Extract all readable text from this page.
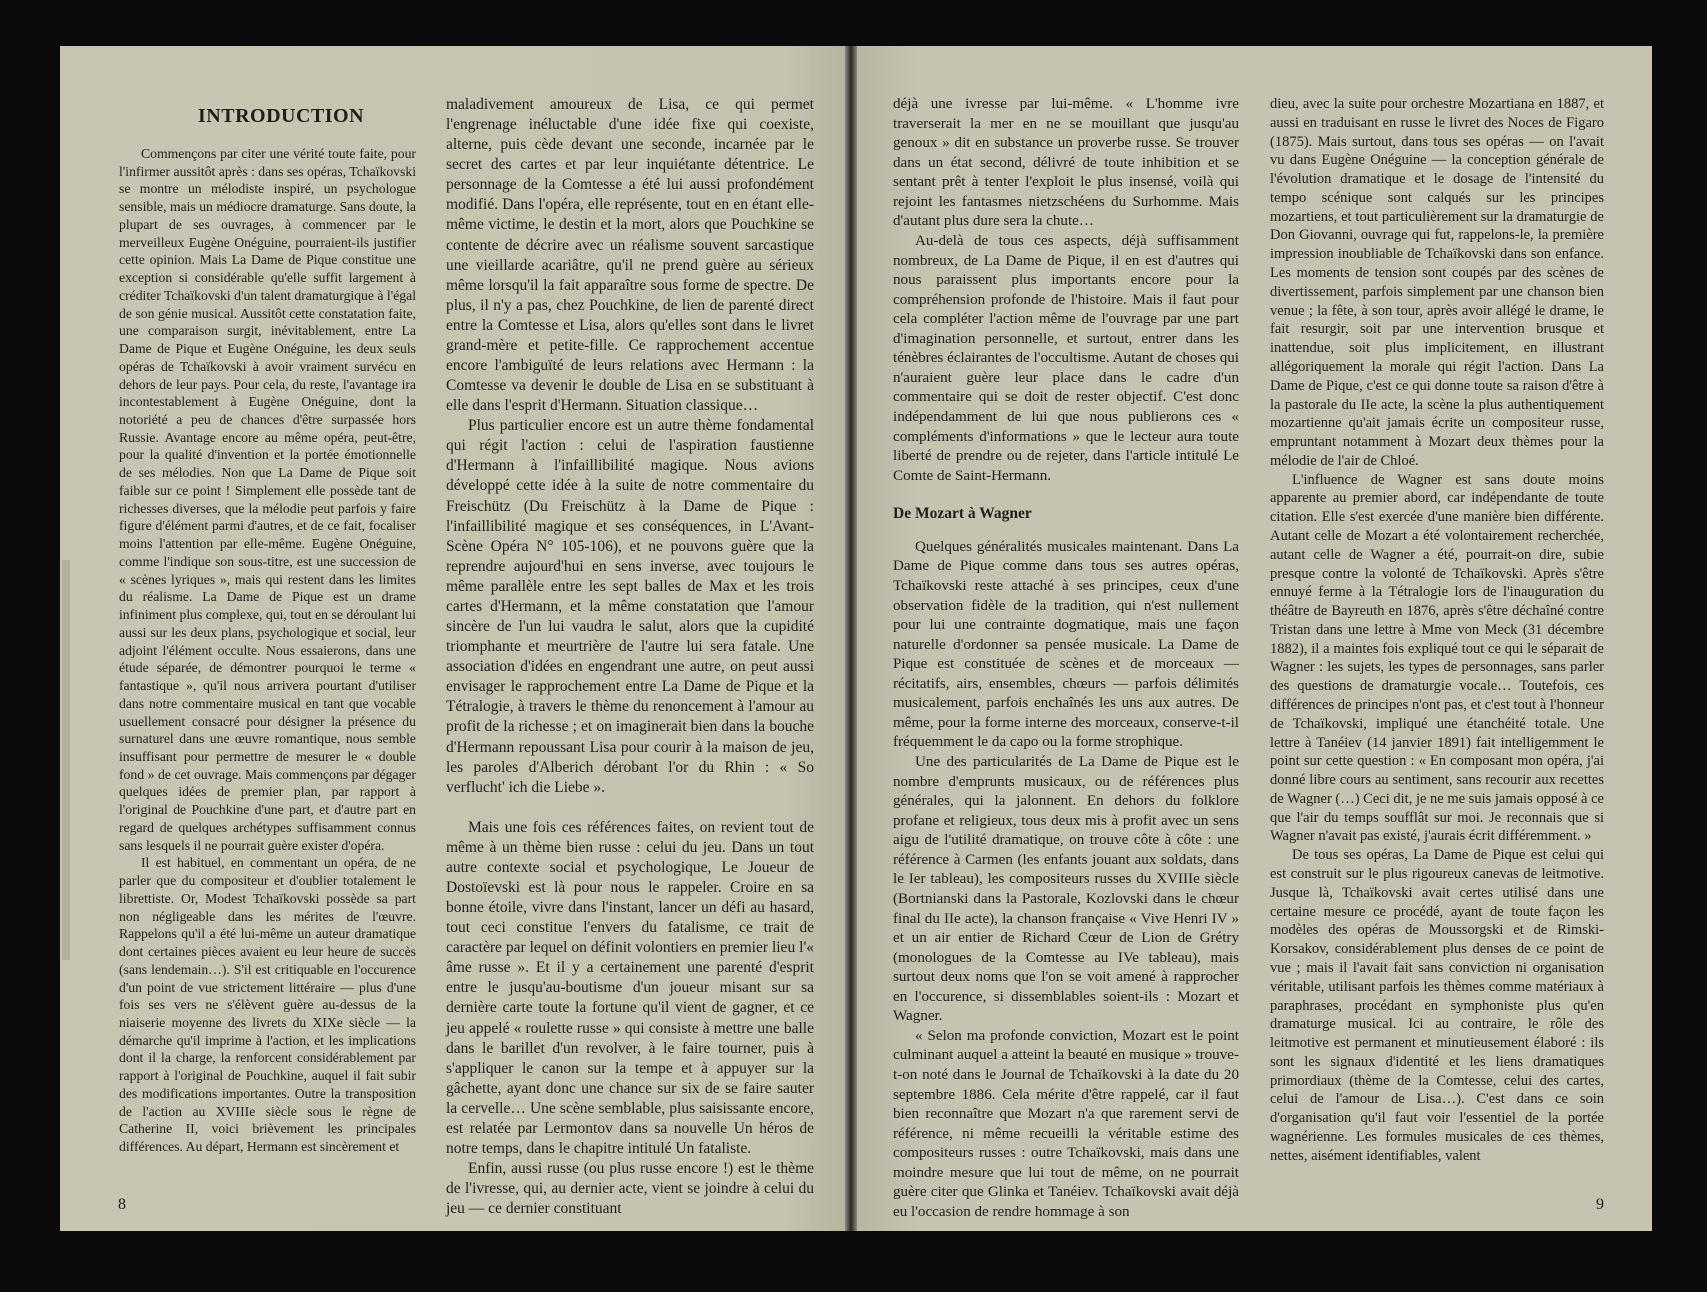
INTRODUCTION

Commençons par citer une vérité toute faite, pour l'infirmer aussitôt après : dans ses opéras, Tchaïkovski se montre un mélodiste inspiré, un psychologue sensible, mais un médiocre dramaturge. Sans doute, la plupart de ses ouvrages, à commencer par le merveilleux Eugène Onéguine, pourraient-ils justifier cette opinion. Mais La Dame de Pique constitue une exception si considérable qu'elle suffit largement à créditer Tchaïkovski d'un talent dramaturgique à l'égal de son génie musical. Aussitôt cette constatation faite, une comparaison surgit, inévitablement, entre La Dame de Pique et Eugène Onéguine, les deux seuls opéras de Tchaïkovski à avoir vraiment survécu en dehors de leur pays. Pour cela, du reste, l'avantage ira incontestablement à Eugène Onéguine, dont la notoriété a peu de chances d'être surpassée hors Russie. Avantage encore au même opéra, peut-être, pour la qualité d'invention et la portée émotionnelle de ses mélodies. Non que La Dame de Pique soit faible sur ce point ! Simplement elle possède tant de richesses diverses, que la mélodie peut parfois y faire figure d'élément parmi d'autres, et de ce fait, focaliser moins l'attention par elle-même. Eugène Onéguine, comme l'indique son sous-titre, est une succession de « scènes lyriques », mais qui restent dans les limites du réalisme. La Dame de Pique est un drame infiniment plus complexe, qui, tout en se déroulant lui aussi sur les deux plans, psychologique et social, leur adjoint l'élément occulte. Nous essaierons, dans une étude séparée, de démontrer pourquoi le terme « fantastique », qu'il nous arrivera pourtant d'utiliser dans notre commentaire musical en tant que vocable usuellement consacré pour désigner la présence du surnaturel dans une œuvre romantique, nous semble insuffisant pour permettre de mesurer le « double fond » de cet ouvrage. Mais commençons par dégager quelques idées de premier plan, par rapport à l'original de Pouchkine d'une part, et d'autre part en regard de quelques archétypes suffisamment connus sans lesquels il ne pourrait guère exister d'opéra.

Il est habituel, en commentant un opéra, de ne parler que du compositeur et d'oublier totalement le librettiste. Or, Modest Tchaïkovski possède sa part non négligeable dans les mérites de l'œuvre. Rappelons qu'il a été lui-même un auteur dramatique dont certaines pièces avaient eu leur heure de succès (sans lendemain…). S'il est critiquable en l'occurence d'un point de vue strictement littéraire — plus d'une fois ses vers ne s'élèvent guère au-dessus de la niaiserie moyenne des livrets du XIXe siècle — la démarche qu'il imprime à l'action, et les implications dont il la charge, la renforcent considérablement par rapport à l'original de Pouchkine, auquel il fait subir des modifications importantes. Outre la transposition de l'action au XVIIIe siècle sous le règne de Catherine II, voici brièvement les principales différences. Au départ, Hermann est sincèrement et

maladivement amoureux de Lisa, ce qui permet l'engrenage inéluctable d'une idée fixe qui coexiste, alterne, puis cède devant une seconde, incarnée par le secret des cartes et par leur inquiétante détentrice. Le personnage de la Comtesse a été lui aussi profondément modifié. Dans l'opéra, elle représente, tout en en étant elle-même victime, le destin et la mort, alors que Pouchkine se contente de décrire avec un réalisme souvent sarcastique une vieillarde acariâtre, qu'il ne prend guère au sérieux même lorsqu'il la fait apparaître sous forme de spectre. De plus, il n'y a pas, chez Pouchkine, de lien de parenté direct entre la Comtesse et Lisa, alors qu'elles sont dans le livret grand-mère et petite-fille. Ce rapprochement accentue encore l'ambiguïté de leurs relations avec Hermann : la Comtesse va devenir le double de Lisa en se substituant à elle dans l'esprit d'Hermann. Situation classique…

Plus particulier encore est un autre thème fondamental qui régit l'action : celui de l'aspiration faustienne d'Hermann à l'infaillibilité magique. Nous avions développé cette idée à la suite de notre commentaire du Freischütz (Du Freischütz à la Dame de Pique : l'infaillibilité magique et ses conséquences, in L'Avant-Scène Opéra N° 105-106), et ne pouvons guère que la reprendre aujourd'hui en sens inverse, avec toujours le même parallèle entre les sept balles de Max et les trois cartes d'Hermann, et la même constatation que l'amour sincère de l'un lui vaudra le salut, alors que la cupidité triomphante et meurtrière de l'autre lui sera fatale. Une association d'idées en engendrant une autre, on peut aussi envisager le rapprochement entre La Dame de Pique et la Tétralogie, à travers le thème du renoncement à l'amour au profit de la richesse ; et on imaginerait bien dans la bouche d'Hermann repoussant Lisa pour courir à la maison de jeu, les paroles d'Alberich dérobant l'or du Rhin : « So verflucht' ich die Liebe ».

Mais une fois ces références faites, on revient tout de même à un thème bien russe : celui du jeu. Dans un tout autre contexte social et psychologique, Le Joueur de Dostoïevski est là pour nous le rappeler. Croire en sa bonne étoile, vivre dans l'instant, lancer un défi au hasard, tout ceci constitue l'envers du fatalisme, ce trait de caractère par lequel on définit volontiers en premier lieu l'« âme russe ». Et il y a certainement une parenté d'esprit entre le jusqu'au-boutisme d'un joueur misant sur sa dernière carte toute la fortune qu'il vient de gagner, et ce jeu appelé « roulette russe » qui consiste à mettre une balle dans le barillet d'un revolver, à le faire tourner, puis à s'appliquer le canon sur la tempe et à appuyer sur la gâchette, ayant donc une chance sur six de se faire sauter la cervelle… Une scène semblable, plus saisissante encore, est relatée par Lermontov dans sa nouvelle Un héros de notre temps, dans le chapitre intitulé Un fataliste.

Enfin, aussi russe (ou plus russe encore !) est le thème de l'ivresse, qui, au dernier acte, vient se joindre à celui du jeu — ce dernier constituant

8

déjà une ivresse par lui-même. « L'homme ivre traverserait la mer en ne se mouillant que jusqu'au genoux » dit en substance un proverbe russe. Se trouver dans un état second, délivré de toute inhibition et se sentant prêt à tenter l'exploit le plus insensé, voilà qui rejoint les fantasmes nietzschéens du Surhomme. Mais d'autant plus dure sera la chute…

Au-delà de tous ces aspects, déjà suffisamment nombreux, de La Dame de Pique, il en est d'autres qui nous paraissent plus importants encore pour la compréhension profonde de l'histoire. Mais il faut pour cela compléter l'action même de l'ouvrage par une part d'imagination personnelle, et surtout, entrer dans les ténèbres éclairantes de l'occultisme. Autant de choses qui n'auraient guère leur place dans le cadre d'un commentaire qui se doit de rester objectif. C'est donc indépendamment de lui que nous publierons ces « compléments d'informations » que le lecteur aura toute liberté de prendre ou de rejeter, dans l'article intitulé Le Comte de Saint-Hermann.

De Mozart à Wagner

Quelques généralités musicales maintenant. Dans La Dame de Pique comme dans tous ses autres opéras, Tchaïkovski reste attaché à ses principes, ceux d'une observation fidèle de la tradition, qui n'est nullement pour lui une contrainte dogmatique, mais une façon naturelle d'ordonner sa pensée musicale. La Dame de Pique est constituée de scènes et de morceaux — récitatifs, airs, ensembles, chœurs — parfois délimités musicalement, parfois enchaînés les uns aux autres. De même, pour la forme interne des morceaux, conserve-t-il fréquemment le da capo ou la forme strophique.

Une des particularités de La Dame de Pique est le nombre d'emprunts musicaux, ou de références plus générales, qui la jalonnent. En dehors du folklore profane et religieux, tous deux mis à profit avec un sens aigu de l'utilité dramatique, on trouve côte à côte : une référence à Carmen (les enfants jouant aux soldats, dans le Ier tableau), les compositeurs russes du XVIIIe siècle (Bortnianski dans la Pastorale, Kozlovski dans le chœur final du IIe acte), la chanson française « Vive Henri IV » et un air entier de Richard Cœur de Lion de Grétry (monologues de la Comtesse au IVe tableau), mais surtout deux noms que l'on se voit amené à rapprocher en l'occurence, si dissemblables soient-ils : Mozart et Wagner.

« Selon ma profonde conviction, Mozart est le point culminant auquel a atteint la beauté en musique » trouve-t-on noté dans le Journal de Tchaïkovski à la date du 20 septembre 1886. Cela mérite d'être rappelé, car il faut bien reconnaître que Mozart n'a que rarement servi de référence, ni même recueilli la véritable estime des compositeurs russes : outre Tchaïkovski, mais dans une moindre mesure que lui tout de même, on ne pourrait guère citer que Glinka et Tanéiev. Tchaïkovski avait déjà eu l'occasion de rendre hommage à son

dieu, avec la suite pour orchestre Mozartiana en 1887, et aussi en traduisant en russe le livret des Noces de Figaro (1875). Mais surtout, dans tous ses opéras — on l'avait vu dans Eugène Onéguine — la conception générale de l'évolution dramatique et le dosage de l'intensité du tempo scénique sont calqués sur les principes mozartiens, et tout particulièrement sur la dramaturgie de Don Giovanni, ouvrage qui fut, rappelons-le, la première impression inoubliable de Tchaïkovski dans son enfance. Les moments de tension sont coupés par des scènes de divertissement, parfois simplement par une chanson bien venue ; la fête, à son tour, après avoir allégé le drame, le fait resurgir, soit par une intervention brusque et inattendue, soit plus implicitement, en illustrant allégoriquement la morale qui régit l'action. Dans La Dame de Pique, c'est ce qui donne toute sa raison d'être à la pastorale du IIe acte, la scène la plus authentiquement mozartienne qu'ait jamais écrite un compositeur russe, empruntant notamment à Mozart deux thèmes pour la mélodie de l'air de Chloé.

L'influence de Wagner est sans doute moins apparente au premier abord, car indépendante de toute citation. Elle s'est exercée d'une manière bien différente. Autant celle de Mozart a été volontairement recherchée, autant celle de Wagner a été, pourrait-on dire, subie presque contre la volonté de Tchaïkovski. Après s'être ennuyé ferme à la Tétralogie lors de l'inauguration du théâtre de Bayreuth en 1876, après s'être déchaîné contre Tristan dans une lettre à Mme von Meck (31 décembre 1882), il a maintes fois expliqué tout ce qui le séparait de Wagner : les sujets, les types de personnages, sans parler des questions de dramaturgie vocale… Toutefois, ces différences de principes n'ont pas, et c'est tout à l'honneur de Tchaïkovski, impliqué une étanchéité totale. Une lettre à Tanéiev (14 janvier 1891) fait intelligemment le point sur cette question : « En composant mon opéra, j'ai donné libre cours au sentiment, sans recourir aux recettes de Wagner (…) Ceci dit, je ne me suis jamais opposé à ce que l'air du temps soufflât sur moi. Je reconnais que si Wagner n'avait pas existé, j'aurais écrit différemment. »

De tous ses opéras, La Dame de Pique est celui qui est construit sur le plus rigoureux canevas de leitmotive. Jusque là, Tchaïkovski avait certes utilisé dans une certaine mesure ce procédé, ayant de toute façon les modèles des opéras de Moussorgski et de Rimski-Korsakov, considérablement plus denses de ce point de vue ; mais il l'avait fait sans conviction ni organisation véritable, utilisant parfois les thèmes comme matériaux à paraphrases, procédant en symphoniste plus qu'en dramaturge musical. Ici au contraire, le rôle des leitmotive est permanent et minutieusement élaboré : ils sont les signaux d'identité et les liens dramatiques primordiaux (thème de la Comtesse, celui des cartes, celui de l'amour de Lisa…). C'est dans ce soin d'organisation qu'il faut voir l'essentiel de la portée wagnérienne. Les formules musicales de ces thèmes, nettes, aisément identifiables, valent

9
